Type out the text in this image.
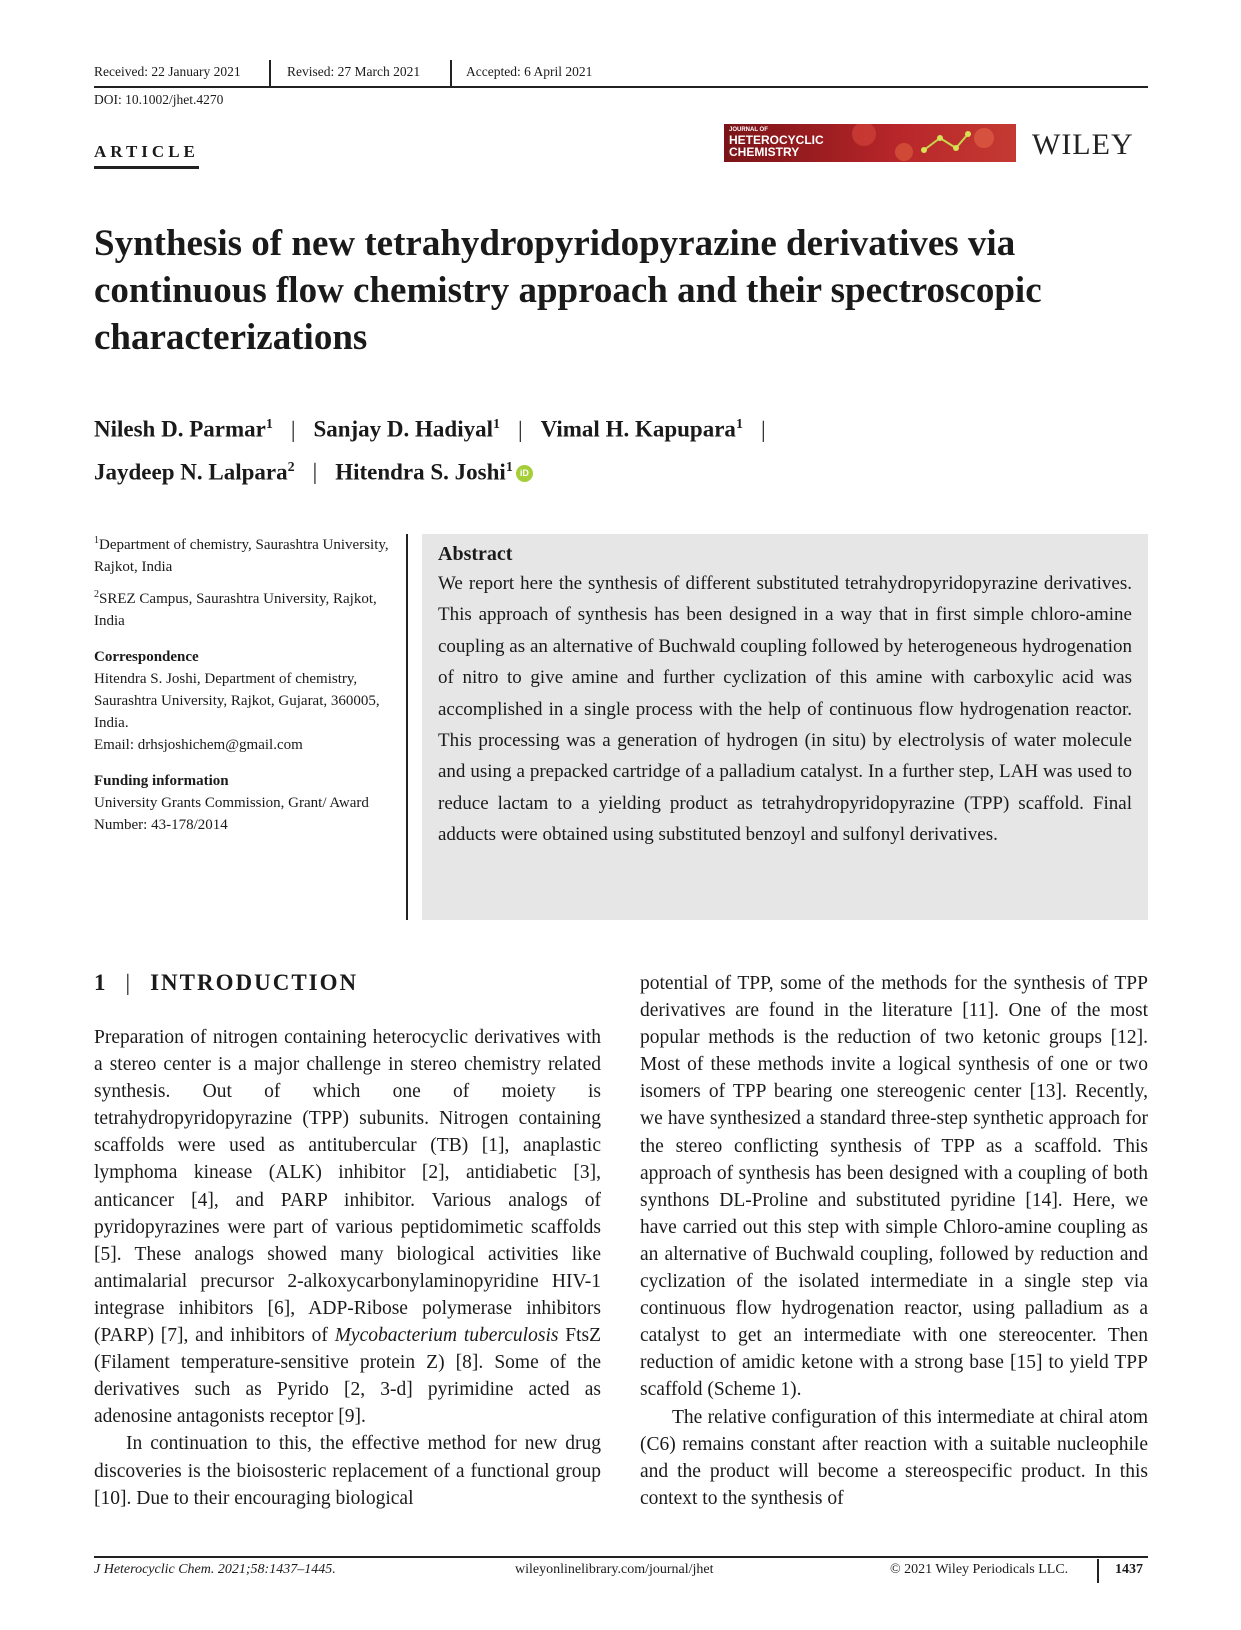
Received: 22 January 2021	Revised: 27 March 2021	Accepted: 6 April 2021
DOI: 10.1002/jhet.4270
ARTICLE
JOURNAL OF
HETEROCYCLIC
CHEMISTRY	WILEY
Synthesis of new tetrahydropyridopyrazine derivatives via continuous flow chemistry approach and their spectroscopic characterizations
Nilesh D. Parmar$^1$ | Sanjay D. Hadiyal$^1$ | Vimal H. Kapupara$^1$ |
Jaydeep N. Lalpara$^2$ | Hitendra S. Joshi$^1$ iD

$^1$Department of chemistry, Saurashtra University, Rajkot, India

$^2$SREZ Campus, Saurashtra University, Rajkot, India

Correspondence

Hitendra S. Joshi, Department of chemistry, Saurashtra University, Rajkot, Gujarat, 360005, India.

Email: drhsjoshichem@gmail.com

Funding information

University Grants Commission, Grant/ Award Number: 43-178/2014

Abstract
We report here the synthesis of different substituted tetrahydropyridopyrazine derivatives. This approach of synthesis has been designed in a way that in first simple chloro-amine coupling as an alternative of Buchwald coupling followed by heterogeneous hydrogenation of nitro to give amine and further cyclization of this amine with carboxylic acid was accomplished in a single process with the help of continuous flow hydrogenation reactor. This processing was a generation of hydrogen (in situ) by electrolysis of water molecule and using a prepacked cartridge of a palladium catalyst. In a further step, LAH was used to reduce lactam to a yielding product as tetrahydropyridopyrazine (TPP) scaffold. Final adducts were obtained using substituted benzoyl and sulfonyl derivatives.
1 | INTRODUCTION

Preparation of nitrogen containing heterocyclic derivatives with a stereo center is a major challenge in stereo chemistry related synthesis. Out of which one of moiety is tetrahydropyridopyrazine (TPP) subunits. Nitrogen containing scaffolds were used as antitubercular (TB) [1], anaplastic lymphoma kinease (ALK) inhibitor [2], antidiabetic [3], anticancer [4], and PARP inhibitor. Various analogs of pyridopyrazines were part of various peptidomimetic scaffolds [5]. These analogs showed many biological activities like antimalarial precursor 2-alkoxycarbonylaminopyridine HIV-1 integrase inhibitors [6], ADP-Ribose polymerase inhibitors (PARP) [7], and inhibitors of Mycobacterium tuberculosis FtsZ (Filament temperature-sensitive protein Z) [8]. Some of the derivatives such as Pyrido [2, 3-d] pyrimidine acted as adenosine antagonists receptor [9].

In continuation to this, the effective method for new drug discoveries is the bioisosteric replacement of a functional group [10]. Due to their encouraging biological

potential of TPP, some of the methods for the synthesis of TPP derivatives are found in the literature [11]. One of the most popular methods is the reduction of two ketonic groups [12]. Most of these methods invite a logical synthesis of one or two isomers of TPP bearing one stereogenic center [13]. Recently, we have synthesized a standard three-step synthetic approach for the stereo conflicting synthesis of TPP as a scaffold. This approach of synthesis has been designed with a coupling of both synthons DL-Proline and substituted pyridine [14]. Here, we have carried out this step with simple Chloro-amine coupling as an alternative of Buchwald coupling, followed by reduction and cyclization of the isolated intermediate in a single step via continuous flow hydrogenation reactor, using palladium as a catalyst to get an intermediate with one stereocenter. Then reduction of amidic ketone with a strong base [15] to yield TPP scaffold (Scheme 1).

The relative configuration of this intermediate at chiral atom (C6) remains constant after reaction with a suitable nucleophile and the product will become a stereospecific product. In this context to the synthesis of

J Heterocyclic Chem. 2021;58:1437–1445.	wileyonlinelibrary.com/journal/jhet	© 2021 Wiley Periodicals LLC.	1437
